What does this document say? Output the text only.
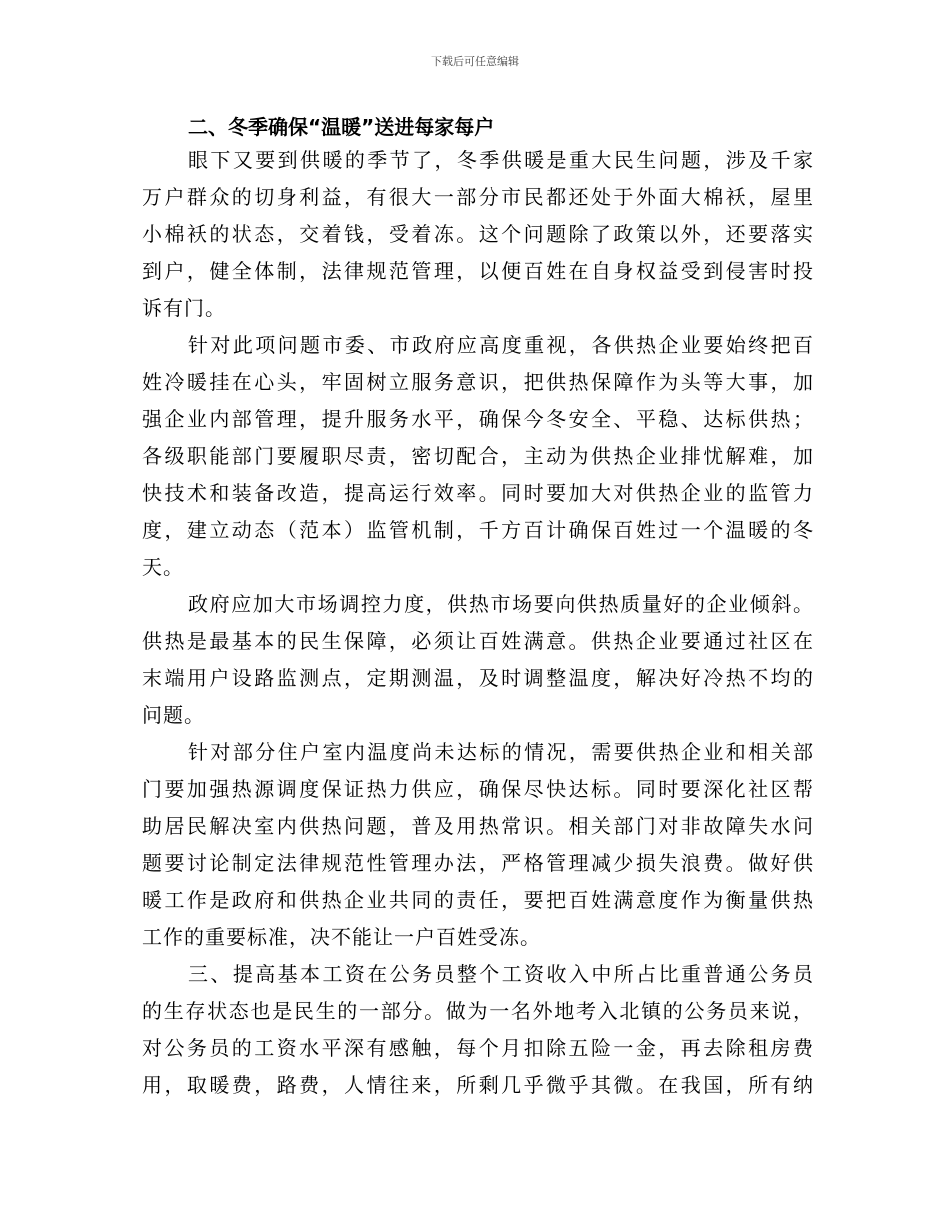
下载后可任意编辑
二、冬季确保“温暖”送进每家每户

眼下又要到供暖的季节了，冬季供暖是重大民生问题，涉及千家
万户群众的切身利益，有很大一部分市民都还处于外面大棉袄，屋里
小棉袄的状态，交着钱，受着冻。这个问题除了政策以外，还要落实
到户，健全体制，法律规范管理，以便百姓在自身权益受到侵害时投
诉有门。

针对此项问题市委、市政府应高度重视，各供热企业要始终把百
姓冷暖挂在心头，牢固树立服务意识，把供热保障作为头等大事，加
强企业内部管理，提升服务水平，确保今冬安全、平稳、达标供热；
各级职能部门要履职尽责，密切配合，主动为供热企业排忧解难，加
快技术和装备改造，提高运行效率。同时要加大对供热企业的监管力
度，建立动态（范本）监管机制，千方百计确保百姓过一个温暖的冬
天。

政府应加大市场调控力度，供热市场要向供热质量好的企业倾斜。
供热是最基本的民生保障，必须让百姓满意。供热企业要通过社区在
末端用户设路监测点，定期测温，及时调整温度，解决好冷热不均的
问题。

针对部分住户室内温度尚未达标的情况，需要供热企业和相关部
门要加强热源调度保证热力供应，确保尽快达标。同时要深化社区帮
助居民解决室内供热问题，普及用热常识。相关部门对非故障失水问
题要讨论制定法律规范性管理办法，严格管理减少损失浪费。做好供
暖工作是政府和供热企业共同的责任，要把百姓满意度作为衡量供热
工作的重要标准，决不能让一户百姓受冻。

三、提高基本工资在公务员整个工资收入中所占比重普通公务员
的生存状态也是民生的一部分。做为一名外地考入北镇的公务员来说，
对公务员的工资水平深有感触，每个月扣除五险一金，再去除租房费
用，取暖费，路费，人情往来，所剩几乎微乎其微。在我国，所有纳
